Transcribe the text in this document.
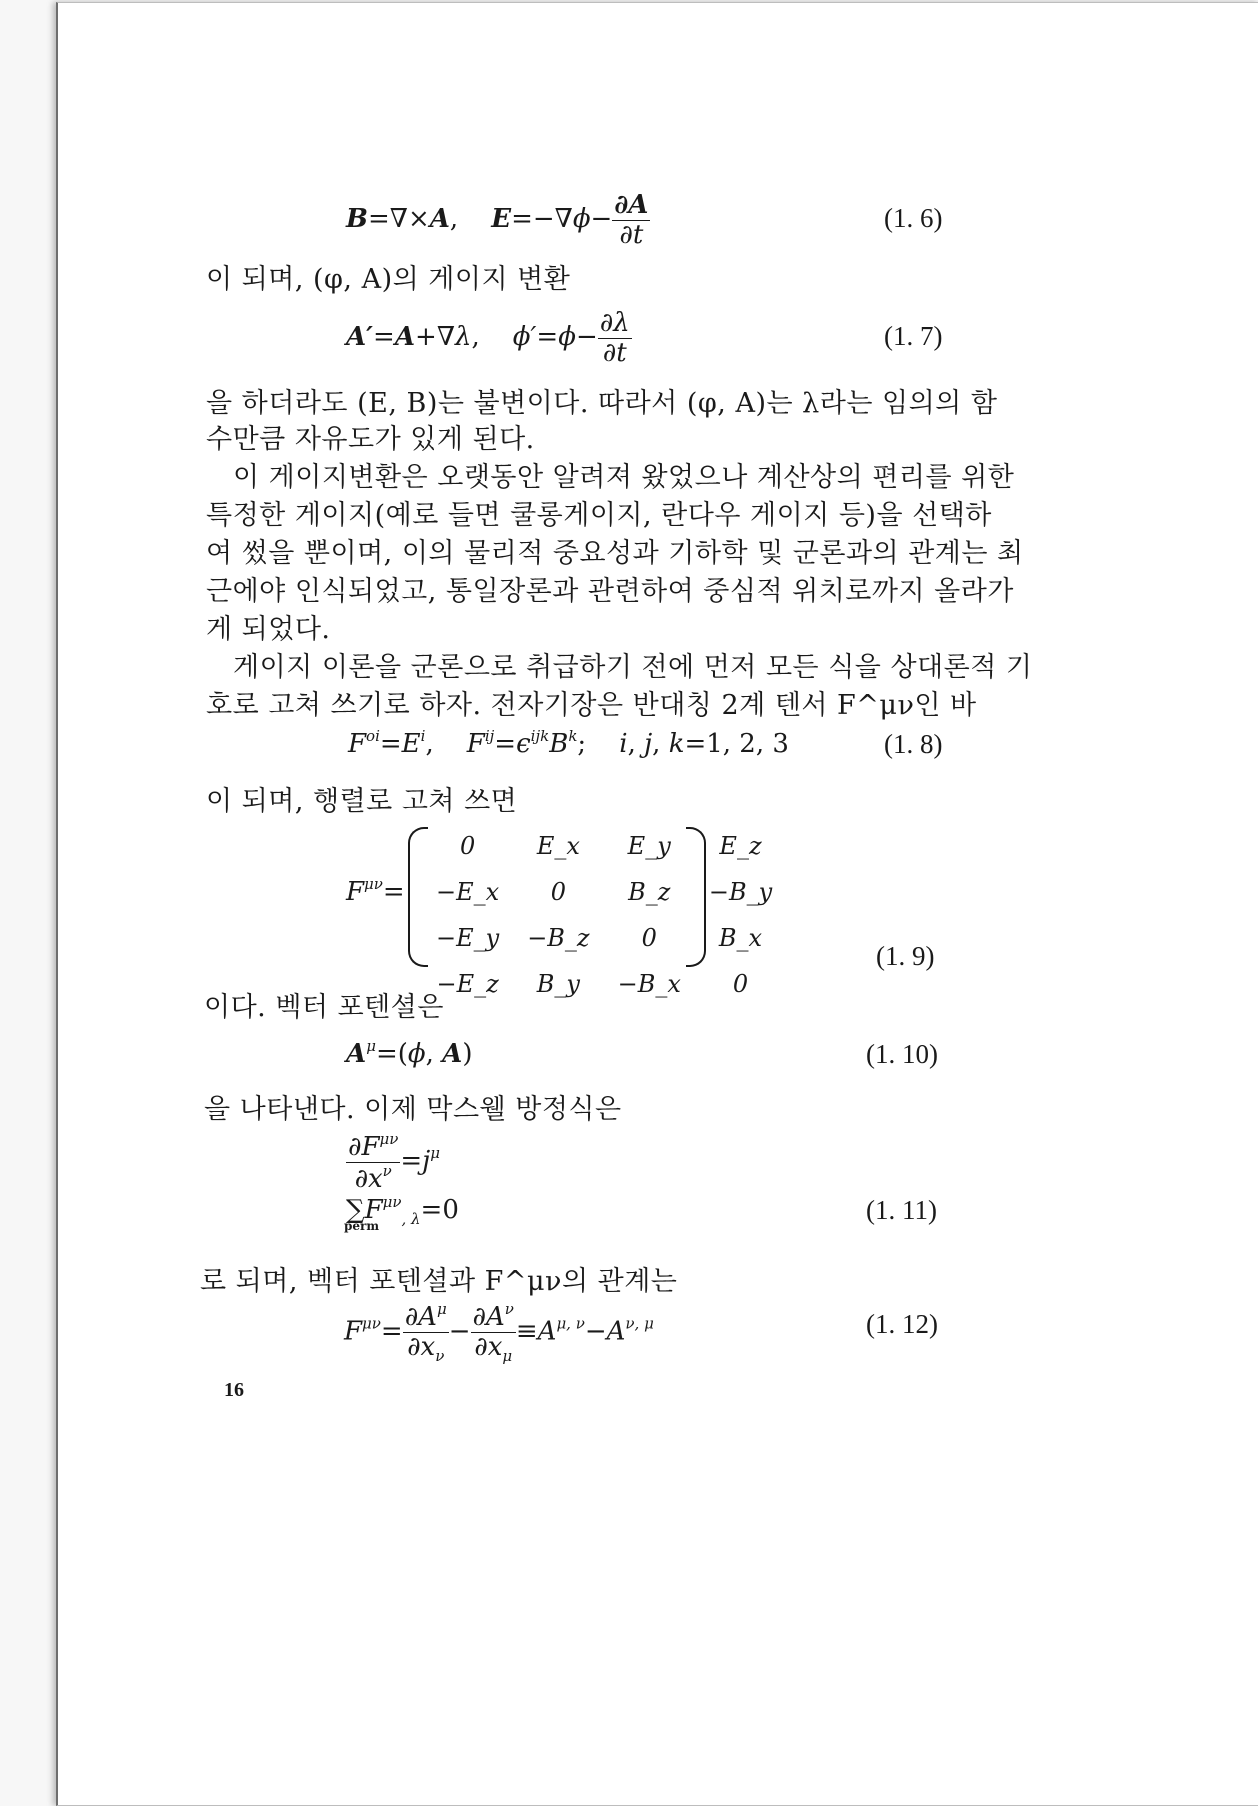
B=∇×A,    $E=-\nabla\phi- \frac{\partial A}{\partial t}$	(1. 6)
이 되며, (φ, A)의 게이지 변환
A′=A+∇λ,    $\phi'=\phi- \frac{\partial\lambda}{\partial t}$	(1. 7)
을 하더라도 (E, B)는 불변이다. 따라서 (φ, A)는 λ라는 임의의 함
수만큼 자유도가 있게 된다.
이 게이지변환은 오랫동안 알려져 왔었으나 계산상의 편리를 위한
특정한 게이지(예로 들면 쿨롱게이지, 란다우 게이지 등)을 선택하
여 썼을 뿐이며, 이의 물리적 중요성과 기하학 및 군론과의 관계는 최
근에야 인식되었고, 통일장론과 관련하여 중심적 위치로까지 올라가
게 되었다.
게이지 이론을 군론으로 취급하기 전에 먼저 모든 식을 상대론적 기
호로 고쳐 쓰기로 하자. 전자기장은 반대칭 2계 텐서 F^μν인 바
$F^{oi}=E^i$,    $F^{ij}=\epsilon^{ijk}B^k$;    i, j, k=1, 2, 3	(1. 8)
이 되며, 행렬로 고쳐 쓰면
$F^{\mu\nu}=$
0	E_x	E_y	E_z
−E_x	0	B_z	−B_y
−E_y	−B_z	0	B_x
−E_z	B_y	−B_x	0
(1. 9)
이다. 벡터 포텐셜은
$A^\mu=(\phi$, A)	(1. 10)
을 나타낸다. 이제 막스웰 방정식은
$\frac{\partial F^{\mu\nu}}{\partial x^\nu} =j^\mu$
∑
perm
$F^{\mu\nu}_{, \lambda}=0$	(1. 11)
로 되며, 벡터 포텐셜과 F^μν의 관계는
$F^{\mu\nu}= \frac{\partial A^\mu}{\partial x_\nu} - \frac{\partial A^\nu}{\partial x_\mu} \equiv A^{\mu, \nu}-A^{\nu, \mu}$	(1. 12)
16
